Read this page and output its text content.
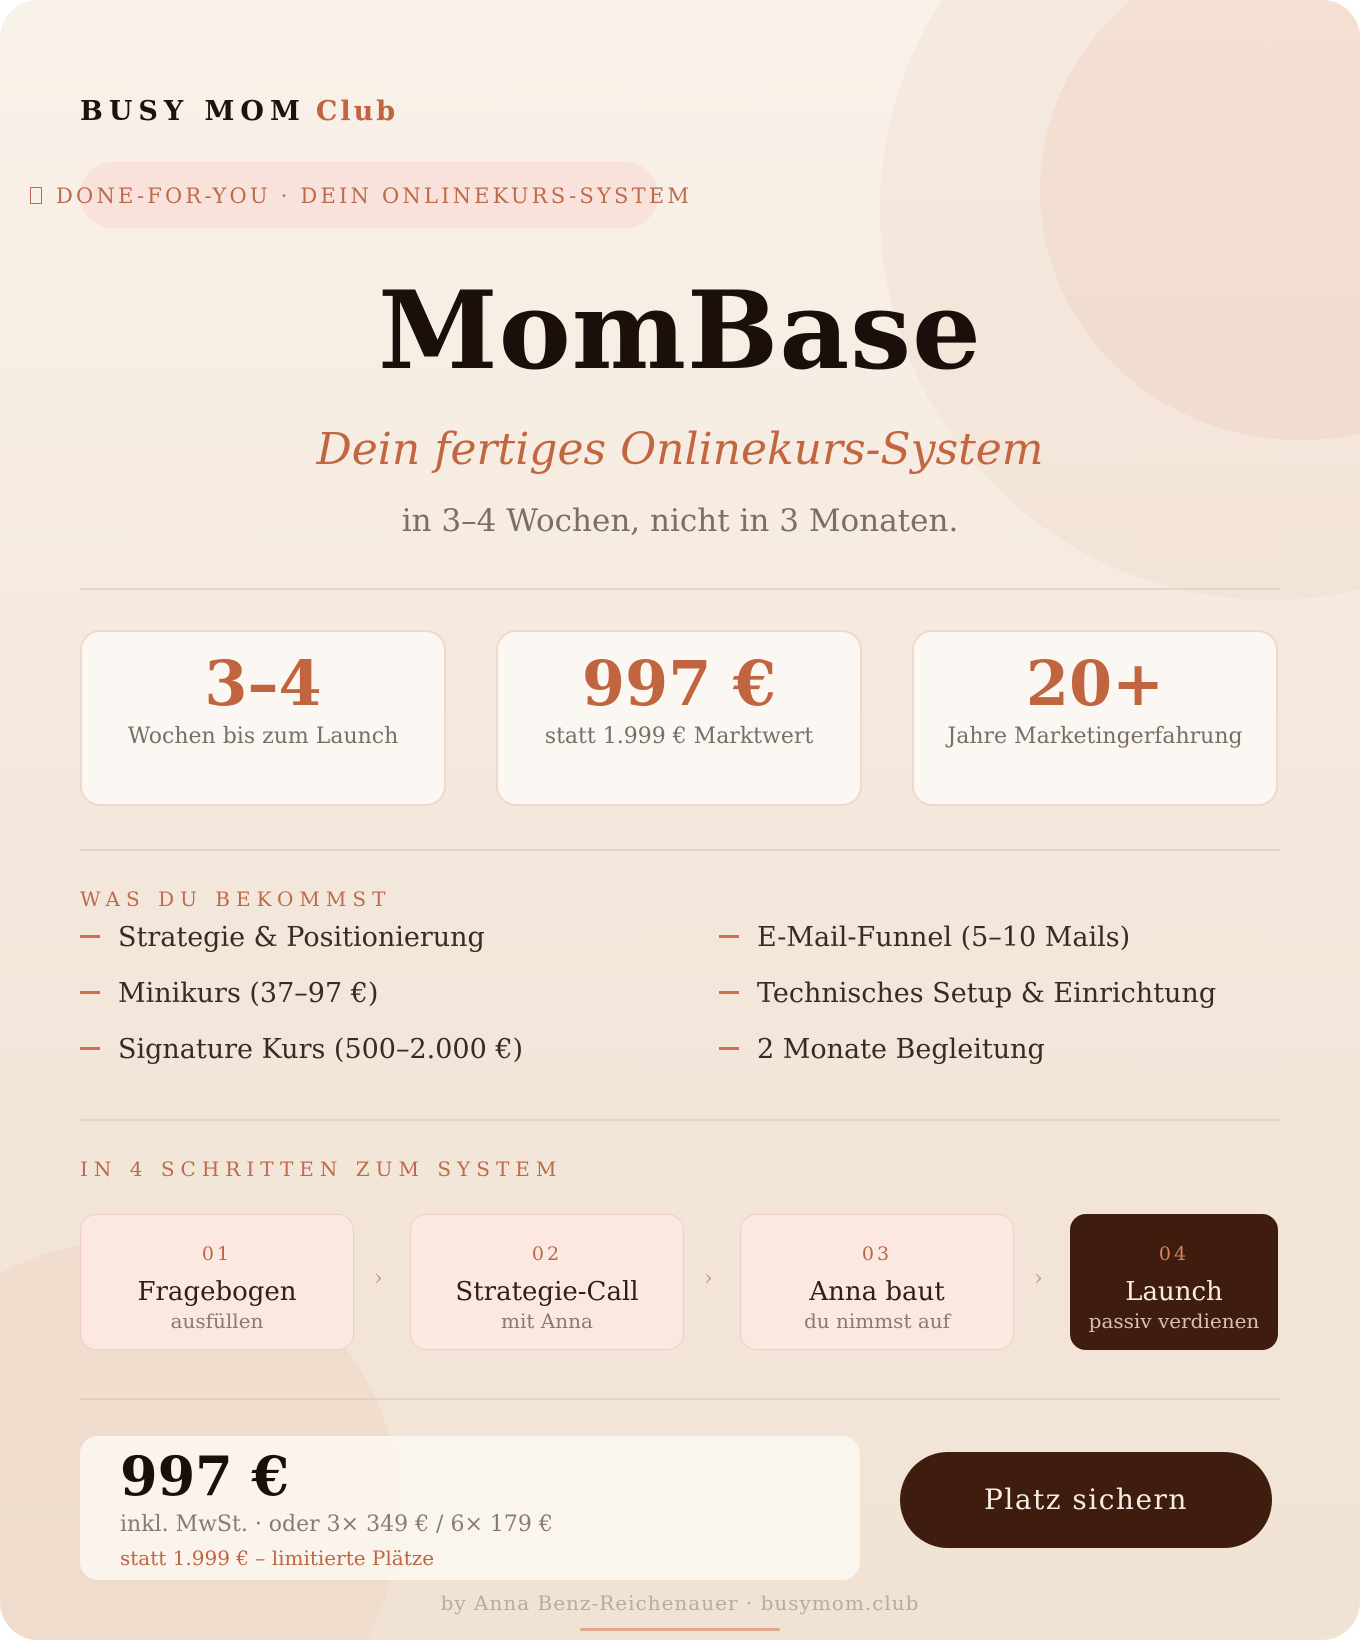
BUSY MOM Club
DONE-FOR-YOU · DEIN ONLINEKURS-SYSTEM
MomBase
Dein fertiges Onlinekurs-System
in 3–4 Wochen, nicht in 3 Monaten.
3–4
Wochen bis zum Launch
997 €
statt 1.999 € Marktwert
20+
Jahre Marketingerfahrung
WAS DU BEKOMMST
Strategie & Positionierung
Minikurs (37–97 €)
Signature Kurs (500–2.000 €)
E-Mail-Funnel (5–10 Mails)
Technisches Setup & Einrichtung
2 Monate Begleitung
IN 4 SCHRITTEN ZUM SYSTEM
01
Fragebogen
ausfüllen
›
02
Strategie-Call
mit Anna
›
03
Anna baut
du nimmst auf
›
04
Launch
passiv verdienen
997 €
inkl. MwSt. · oder 3× 349 € / 6× 179 €
statt 1.999 € – limitierte Plätze
Platz sichern
by Anna Benz-Reichenauer · busymom.club
